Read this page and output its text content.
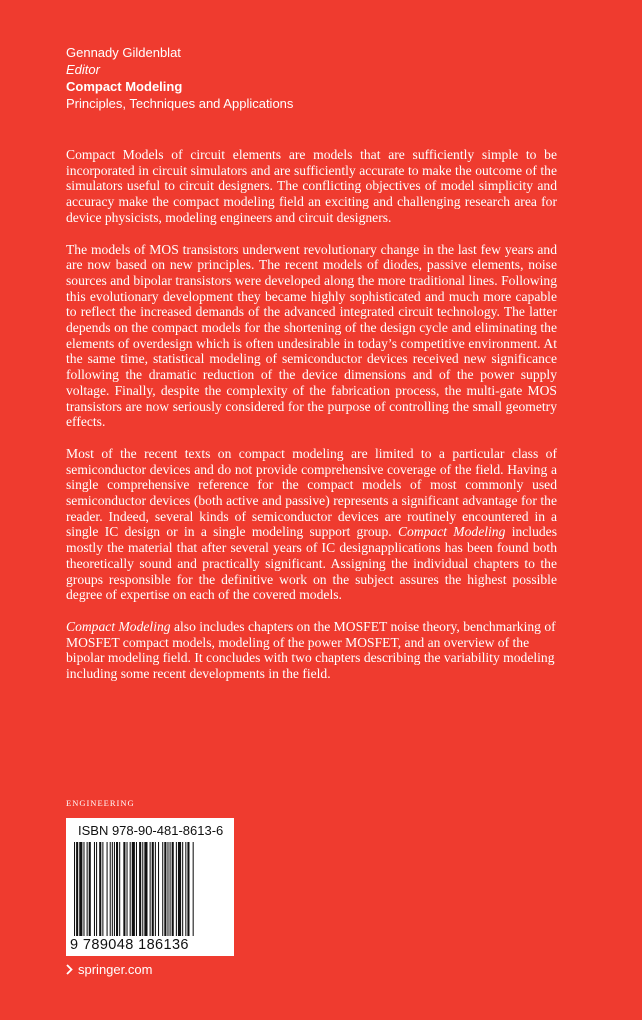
Gennady Gildenblat
Editor
Compact Modeling
Principles, Techniques and Applications

Compact Models of circuit elements are models that are sufficiently simple to be incorporated in circuit simulators and are sufficiently accurate to make the outcome of the simulators useful to circuit designers. The conflicting objectives of model simplicity and accuracy make the compact modeling field an exciting and challenging research area for device physicists, modeling engineers and circuit designers.

The models of MOS transistors underwent revolutionary change in the last few years and are now based on new principles. The recent models of diodes, passive elements, noise sources and bipolar transistors were developed along the more traditional lines. Following this evolutionary development they became highly sophisticated and much more capable to reflect the increased demands of the advanced integrated circuit technology. The latter depends on the compact models for the shortening of the design cycle and eliminating the elements of overdesign which is often undesirable in today’s competitive environment. At the same time, statistical modeling of semiconductor devices received new significance following the dramatic reduction of the device dimensions and of the power supply voltage. Finally, despite the complexity of the fabrication process, the multi-gate MOS transistors are now seriously considered for the purpose of controlling the small geometry effects.

Most of the recent texts on compact modeling are limited to a particular class of semiconductor devices and do not provide comprehensive coverage of the field. Having a single comprehensive reference for the compact models of most commonly used semiconductor devices (both active and passive) represents a significant advantage for the reader. Indeed, several kinds of semiconductor devices are routinely encountered in a single IC design or in a single modeling support group. Compact Modeling includes mostly the material that after several years of IC designapplications has been found both theoretically sound and practically significant. Assigning the individual chapters to the groups responsible for the definitive work on the subject assures the highest possible degree of expertise on each of the covered models.

Compact Modeling also includes chapters on the MOSFET noise theory, benchmarking of MOSFET compact models, modeling of the power MOSFET, and an overview of the bipolar modeling field. It concludes with two chapters describing the variability modeling including some recent developments in the field.

ENGINEERING
ISBN 978-90-481-8613-6
9 789048 186136
springer.com
